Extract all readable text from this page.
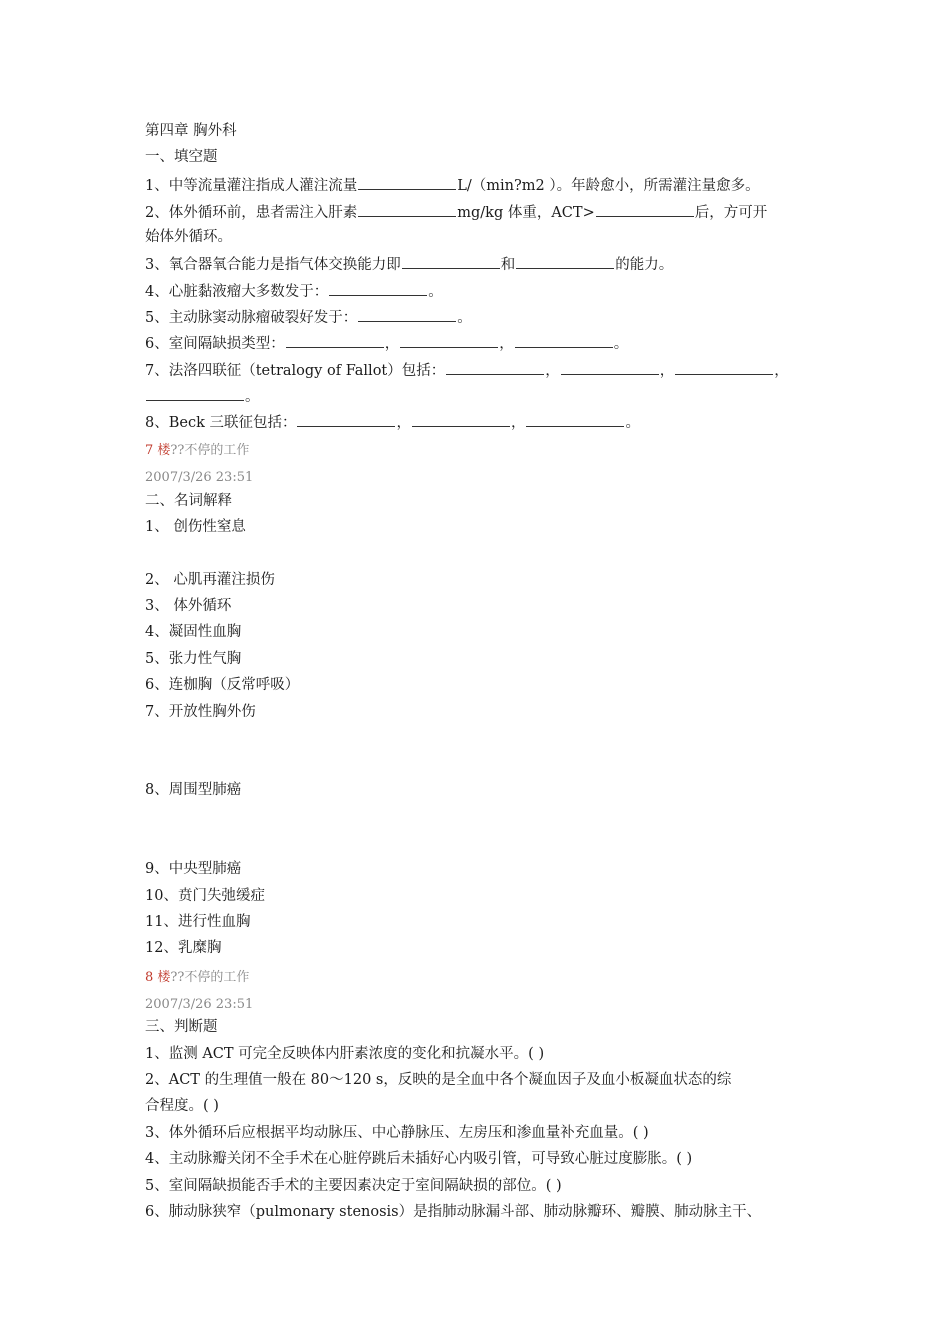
第四章 胸外科
一、填空题
1、中等流量灌注指成人灌注流量	L/（min?m2 ）。年龄愈小，所需灌注量愈多。
2、体外循环前，患者需注入肝素	mg/kg 体重，ACT>	后，方可开
始体外循环。
3、氧合器氧合能力是指气体交换能力即	和	的能力。
4、心脏黏液瘤大多数发于：	。
5、主动脉窦动脉瘤破裂好发于：	。
6、室间隔缺损类型：	，	，	。
7、法洛四联征（tetralogy of Fallot）包括：	，	，	，
。
8、Beck 三联征包括：	，	，	。
7 楼??不停的工作
2007/3/26 23:51
二、名词解释
1、 创伤性窒息
2、 心肌再灌注损伤
3、 体外循环
4、凝固性血胸
5、张力性气胸
6、连枷胸（反常呼吸）
7、开放性胸外伤
8、周围型肺癌
9、中央型肺癌
10、贲门失弛缓症
11、进行性血胸
12、乳糜胸
8 楼??不停的工作
2007/3/26 23:51
三、判断题
1、监测 ACT 可完全反映体内肝素浓度的变化和抗凝水平。( )
2、ACT 的生理值一般在 80～120 s，反映的是全血中各个凝血因子及血小板凝血状态的综
合程度。( )
3、体外循环后应根据平均动脉压、中心静脉压、左房压和渗血量补充血量。( )
4、主动脉瓣关闭不全手术在心脏停跳后未插好心内吸引管，可导致心脏过度膨胀。( )
5、室间隔缺损能否手术的主要因素决定于室间隔缺损的部位。( )
6、肺动脉狭窄（pulmonary stenosis）是指肺动脉漏斗部、肺动脉瓣环、瓣膜、肺动脉主干、
